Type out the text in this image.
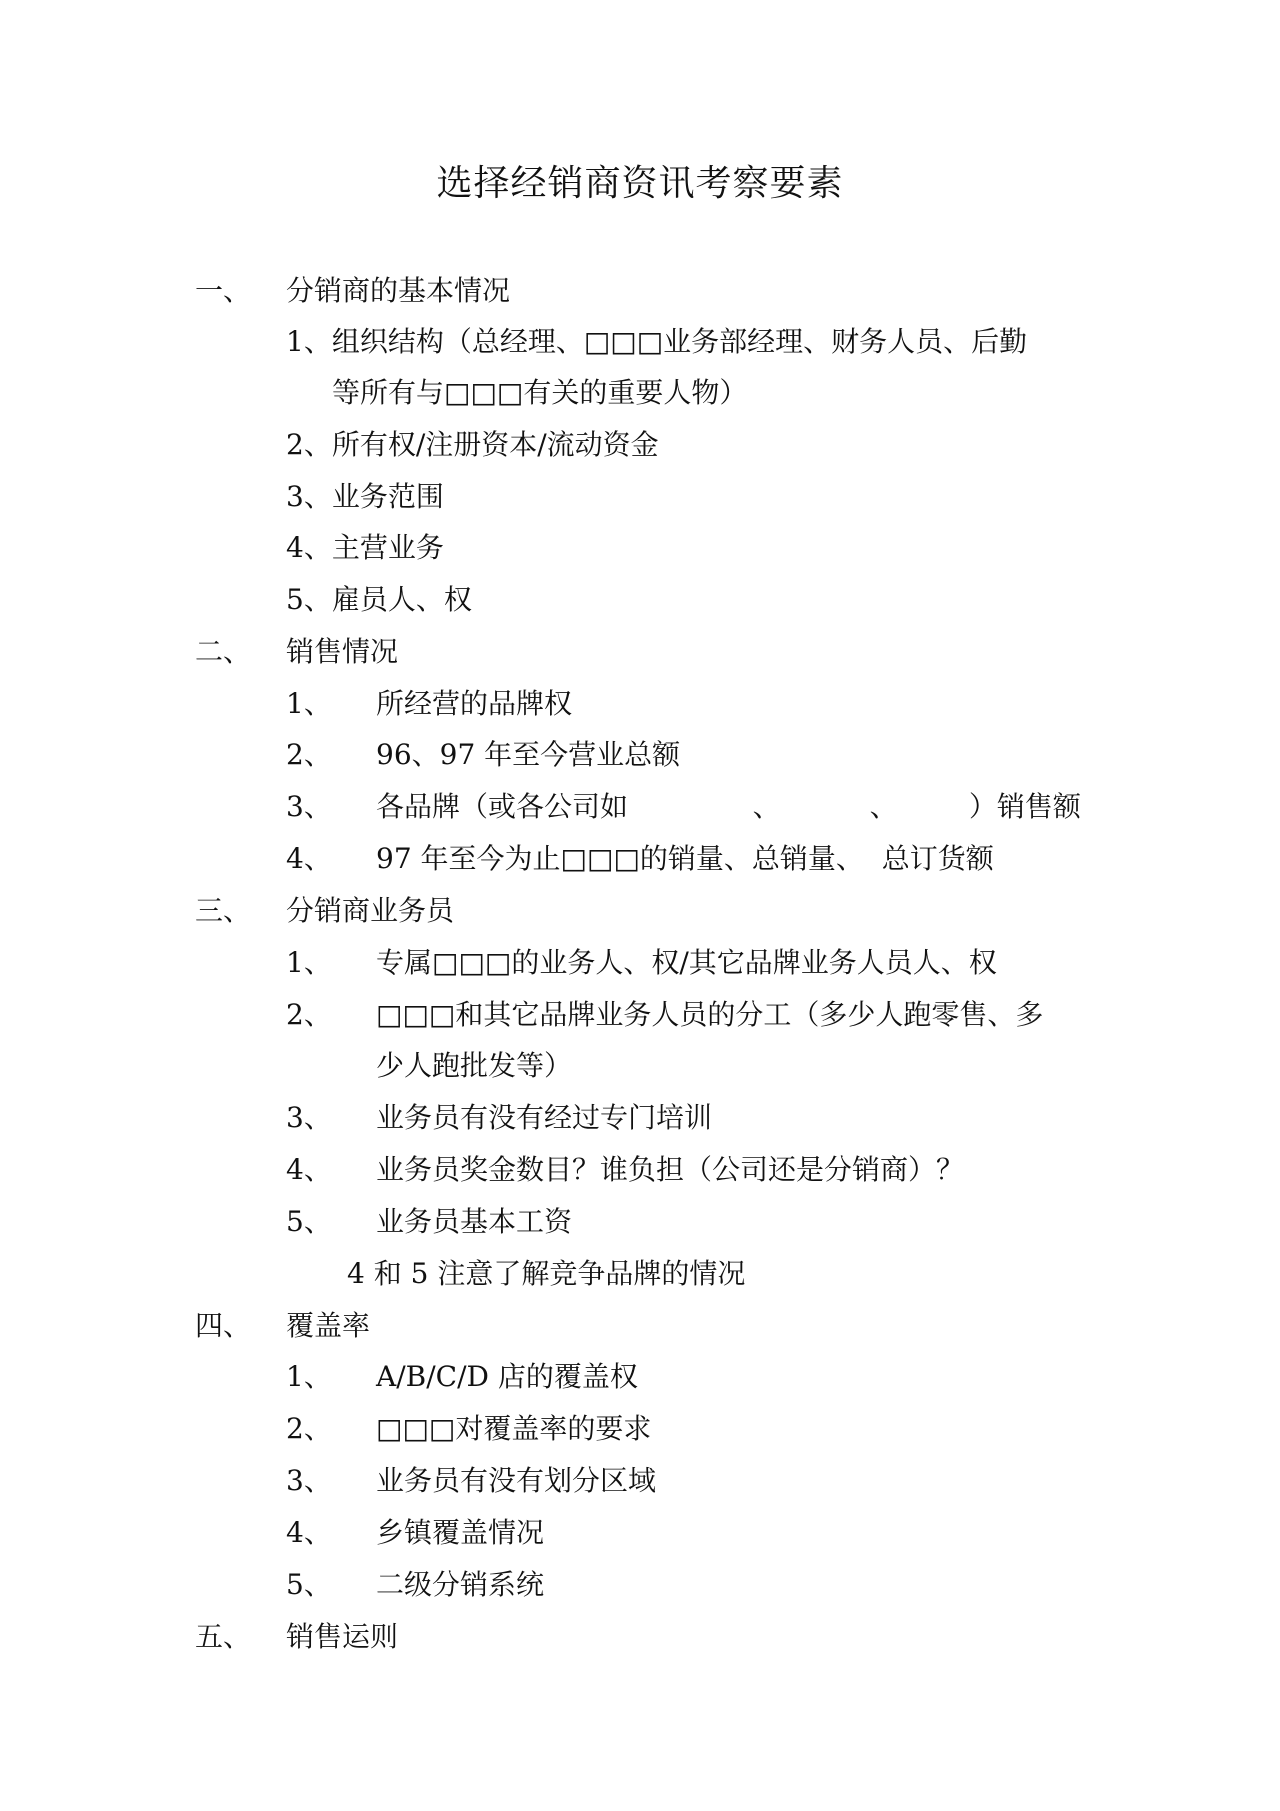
选择经销商资讯考察要素
一、 分销商的基本情况
1、组织结构（总经理、□□□业务部经理、财务人员、后勤
等所有与□□□有关的重要人物）
2、所有权/注册资本/流动资金
3、业务范围
4、主营业务
5、雇员人、权
二、 销售情况
1、 所经营的品牌权
2、 96、97 年至今营业总额
3、 各品牌（或各公司如              、          、        ）销售额
4、 97 年至今为止□□□的销量、总销量、  总订货额
三、 分销商业务员
1、 专属□□□的业务人、权/其它品牌业务人员人、权
2、 □□□和其它品牌业务人员的分工（多少人跑零售、多
少人跑批发等）
3、 业务员有没有经过专门培训
4、 业务员奖金数目？谁负担（公司还是分销商）？
5、 业务员基本工资
4 和 5 注意了解竞争品牌的情况
四、 覆盖率
1、 A/B/C/D 店的覆盖权
2、 □□□对覆盖率的要求
3、 业务员有没有划分区域
4、 乡镇覆盖情况
5、 二级分销系统
五、 销售运则
